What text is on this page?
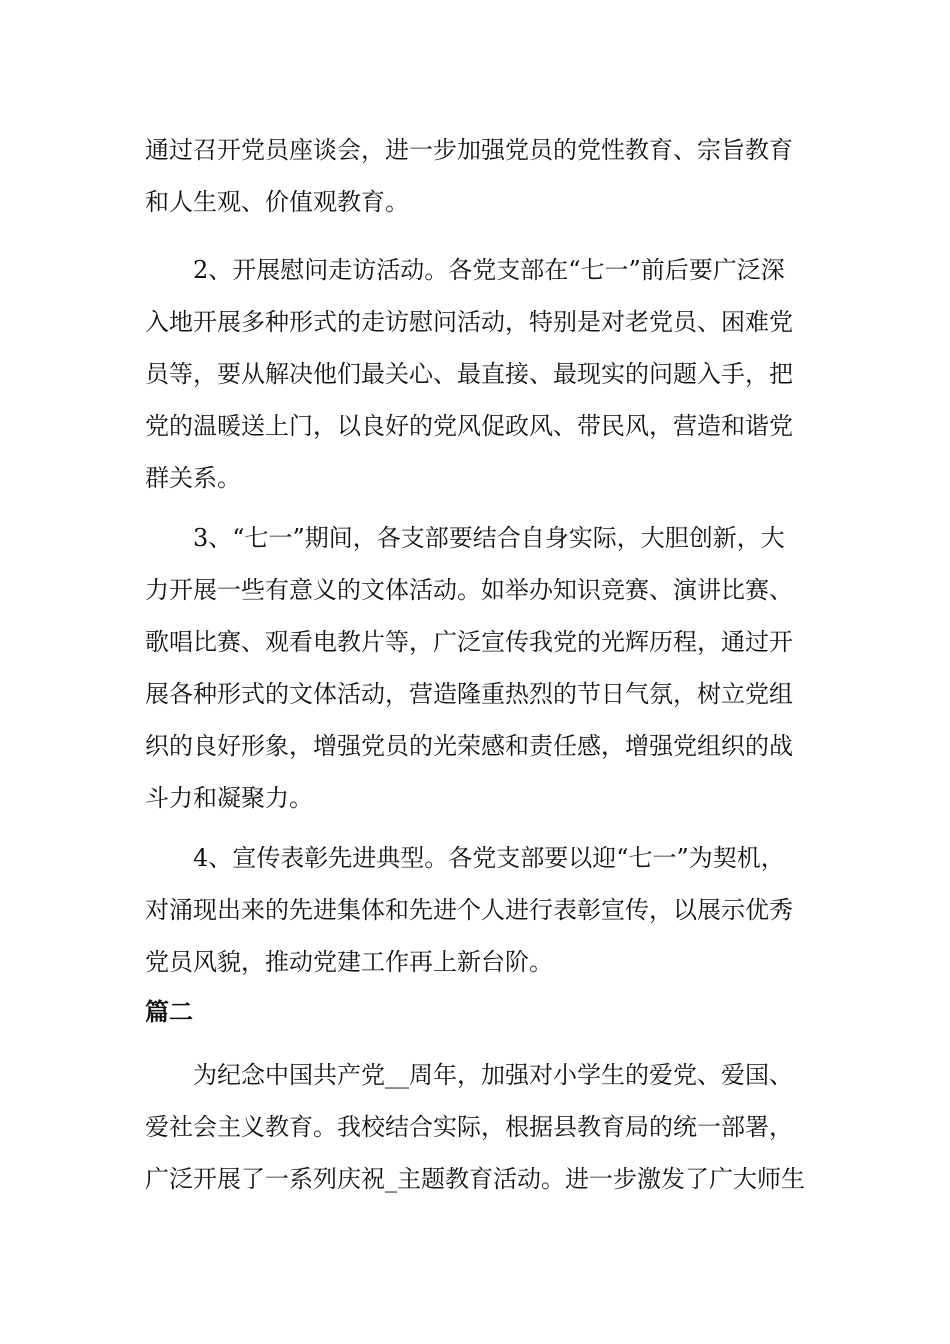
通过召开党员座谈会，进一步加强党员的党性教育、宗旨教育
和人生观、价值观教育。
2、开展慰问走访活动。各党支部在“七一”前后要广泛深
入地开展多种形式的走访慰问活动，特别是对老党员、困难党
员等，要从解决他们最关心、最直接、最现实的问题入手，把
党的温暖送上门，以良好的党风促政风、带民风，营造和谐党
群关系。
3、“七一”期间，各支部要结合自身实际，大胆创新，大
力开展一些有意义的文体活动。如举办知识竞赛、演讲比赛、
歌唱比赛、观看电教片等，广泛宣传我党的光辉历程，通过开
展各种形式的文体活动，营造隆重热烈的节日气氛，树立党组
织的良好形象，增强党员的光荣感和责任感，增强党组织的战
斗力和凝聚力。
4、宣传表彰先进典型。各党支部要以迎“七一”为契机，
对涌现出来的先进集体和先进个人进行表彰宣传，以展示优秀
党员风貌，推动党建工作再上新台阶。
篇二
为纪念中国共产党__周年，加强对小学生的爱党、爱国、
爱社会主义教育。我校结合实际，根据县教育局的统一部署，
广泛开展了一系列庆祝_主题教育活动。进一步激发了广大师生
